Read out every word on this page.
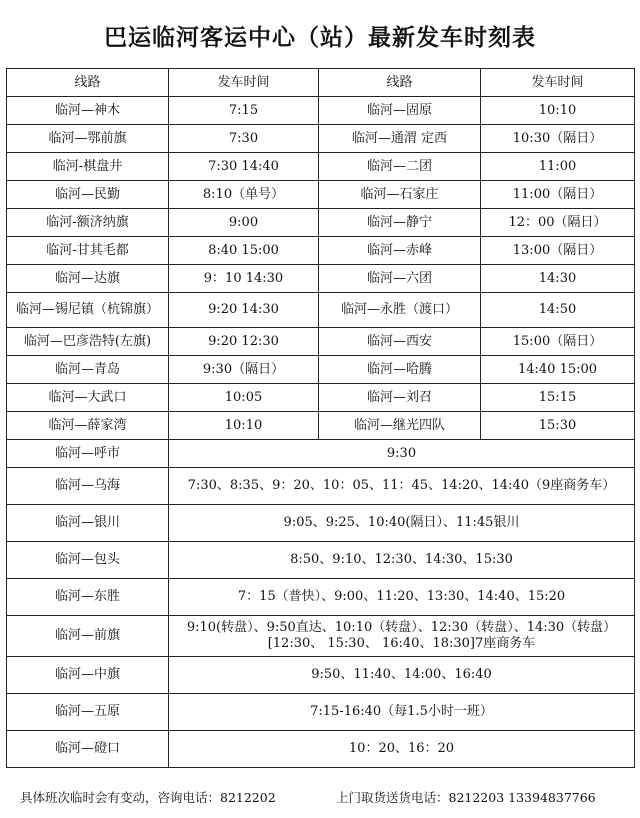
巴运临河客运中心（站）最新发车时刻表
线路	发车时间	线路	发车时间
临河—神木	7:15	临河—固原	10:10
临河—鄂前旗	7:30	临河—通渭 定西	10:30（隔日）
临河-棋盘井	7:30 14:40	临河—二团	11:00
临河—民勤	8:10（单号）	临河—石家庄	11:00（隔日）
临河-额济纳旗	9:00	临河—静宁	12：00（隔日）
临河-甘其毛都	8:40 15:00	临河—赤峰	13:00（隔日）
临河—达旗	9：10 14:30	临河—六团	14:30
临河—锡尼镇（杭锦旗）	9:20 14:30	临河—永胜（渡口）	14:50
临河—巴彦浩特(左旗)	9:20 12:30	临河—西安	15:00（隔日）
临河—青岛	9:30（隔日）	临河—哈腾	14:40 15:00
临河—大武口	10:05	临河—刘召	15:15
临河—薛家湾	10:10	临河—继光四队	15:30
临河—呼市	9:30		
临河—乌海	7:30、8:35、9：20、10：05、11：45、14:20、14:40（9座商务车）		
临河—银川	9:05、9:25、10:40(隔日）、11:45银川		
临河—包头	8:50、9:10、12:30、14:30、15:30		
临河—东胜	7：15（普快）、9:00、11:20、13:30、14:40、15:20		
临河—前旗	9:10(转盘）、9:50直达、10:10（转盘）、12:30（转盘）、14:30（转盘）[12:30、 15:30、 16:40、18:30]7座商务车		
临河—中旗	9:50、11:40、14:00、16:40		
临河—五原	7:15-16:40（每1.5小时一班）		
临河—磴口	10：20、16：20		
具体班次临时会有变动，咨询电话：8212202	上门取货送货电话：8212203 13394837766
